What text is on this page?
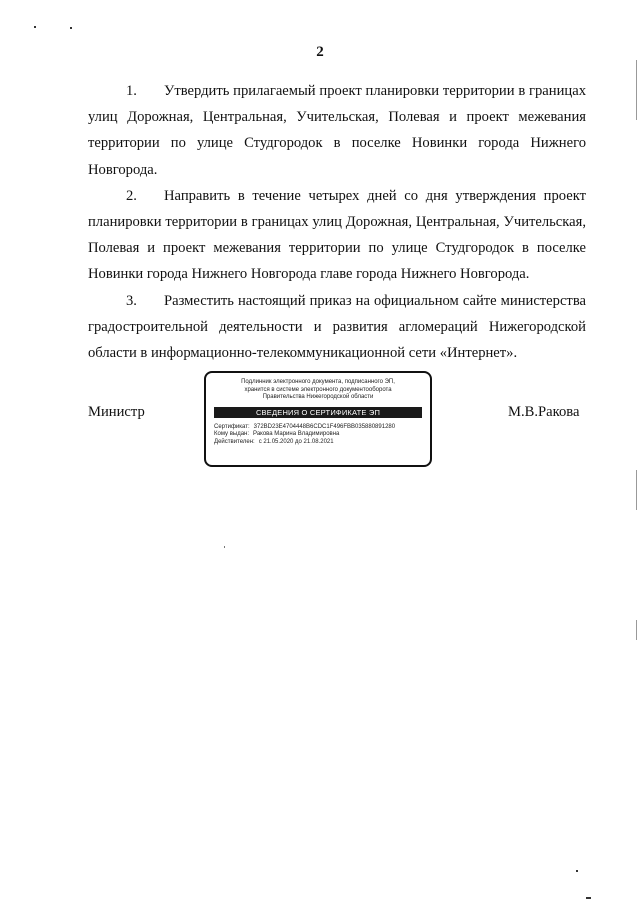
2

1. Утвердить прилагаемый проект планировки территории в границах улиц Дорожная, Центральная, Учительская, Полевая и проект межевания территории по улице Студгородок в поселке Новинки города Нижнего Новгорода.

2. Направить в течение четырех дней со дня утверждения проект планировки территории в границах улиц Дорожная, Центральная, Учительская, Полевая и проект межевания территории по улице Студгородок в поселке Новинки города Нижнего Новгорода главе города Нижнего Новгорода.

3. Разместить настоящий приказ на официальном сайте министерства градостроительной деятельности и развития агломераций Нижегородской области в информационно-телекоммуникационной сети «Интернет».

Министр
Подлинник электронного документа, подписанного ЭП,
хранится в системе электронного документооборота
Правительства Нижегородской области
СВЕДЕНИЯ О СЕРТИФИКАТЕ ЭП
Сертификат: 372BD23E4704448B6CDC1F496FBB035880891280
Кому выдан: Ракова Марина Владимировна
Действителен: с 21.05.2020 до 21.08.2021
М.В.Ракова
